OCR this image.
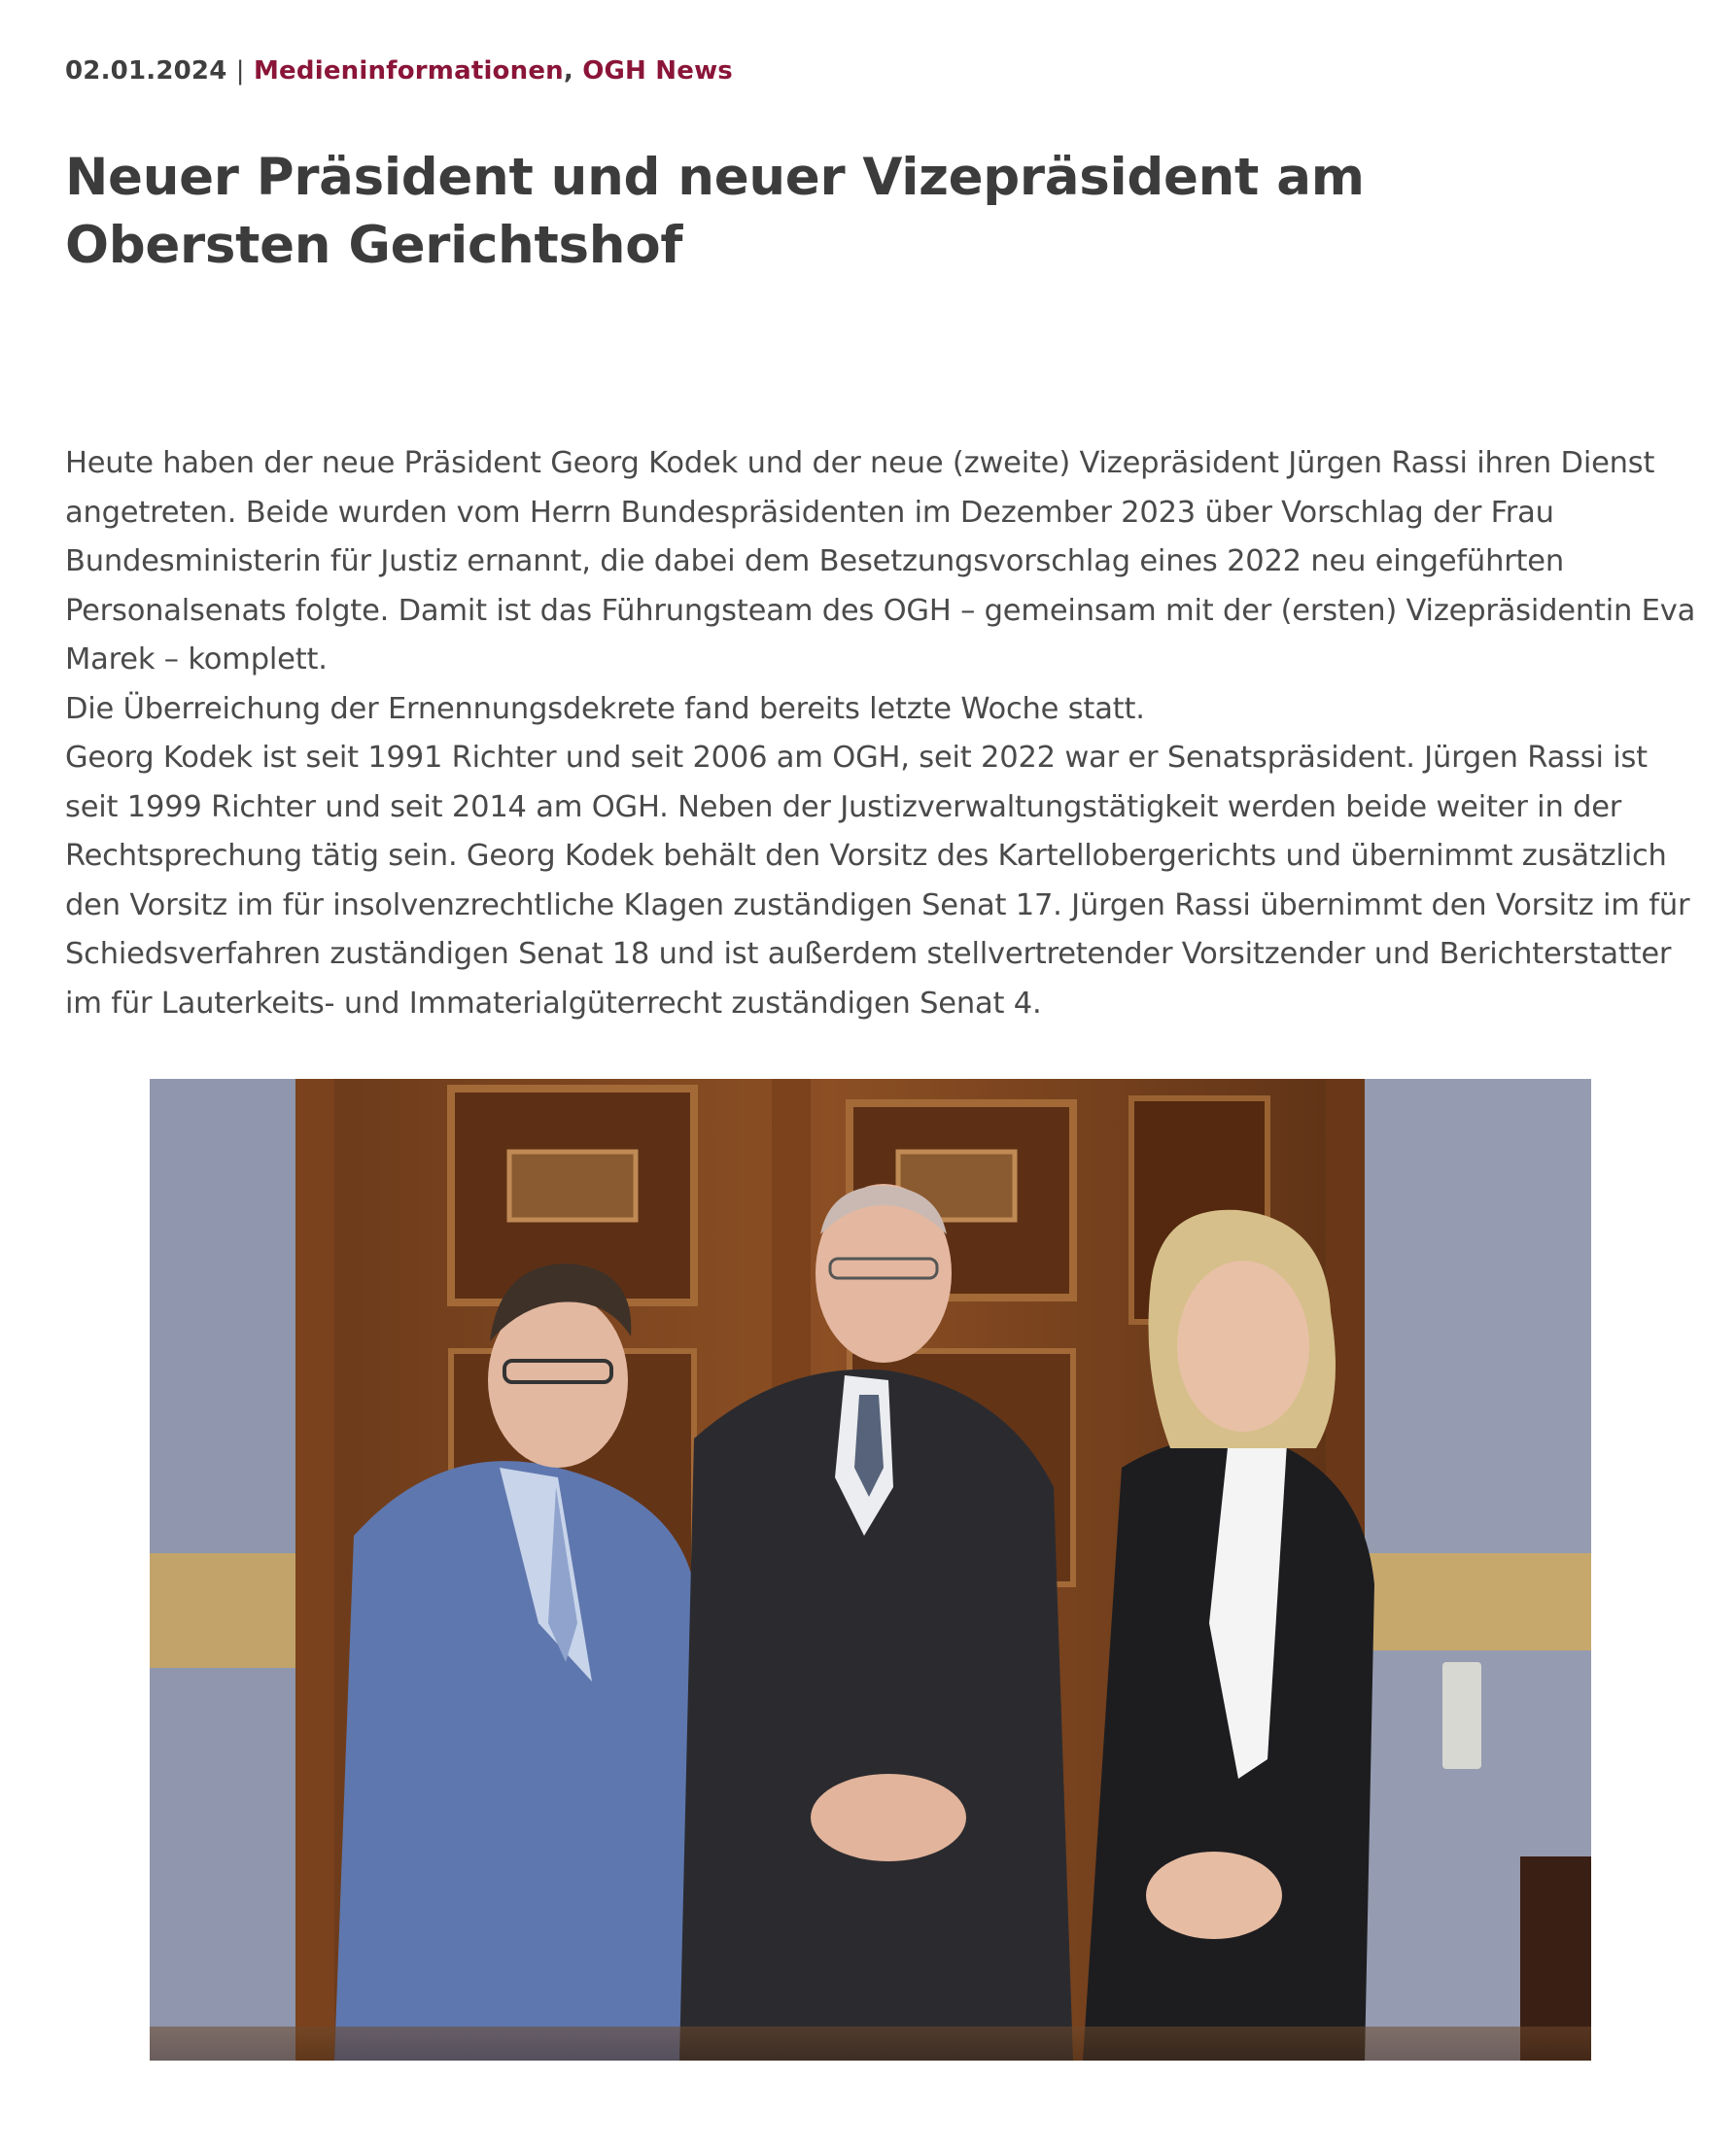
02.01.2024 | Medieninformationen, OGH News
Neuer Präsident und neuer Vizepräsident am Obersten Gerichtshof

Heute haben der neue Präsident Georg Kodek und der neue (zweite) Vizepräsident Jürgen Rassi ihren Dienst angetreten. Beide wurden vom Herrn Bundespräsidenten im Dezember 2023 über Vorschlag der Frau Bundesministerin für Justiz ernannt, die dabei dem Besetzungsvorschlag eines 2022 neu eingeführten Personalsenats folgte. Damit ist das Führungsteam des OGH – gemeinsam mit der (ersten) Vizepräsidentin Eva Marek – komplett.

Die Überreichung der Ernennungsdekrete fand bereits letzte Woche statt.

Georg Kodek ist seit 1991 Richter und seit 2006 am OGH, seit 2022 war er Senatspräsident. Jürgen Rassi ist seit 1999 Richter und seit 2014 am OGH. Neben der Justizverwaltungstätigkeit werden beide weiter in der Rechtsprechung tätig sein. Georg Kodek behält den Vorsitz des Kartellobergerichts und übernimmt zusätzlich den Vorsitz im für insolvenzrechtliche Klagen zuständigen Senat 17. Jürgen Rassi übernimmt den Vorsitz im für Schiedsverfahren zuständigen Senat 18 und ist außerdem stellvertretender Vorsitzender und Berichterstatter im für Lauterkeits- und Immaterialgüterrecht zuständigen Senat 4.
